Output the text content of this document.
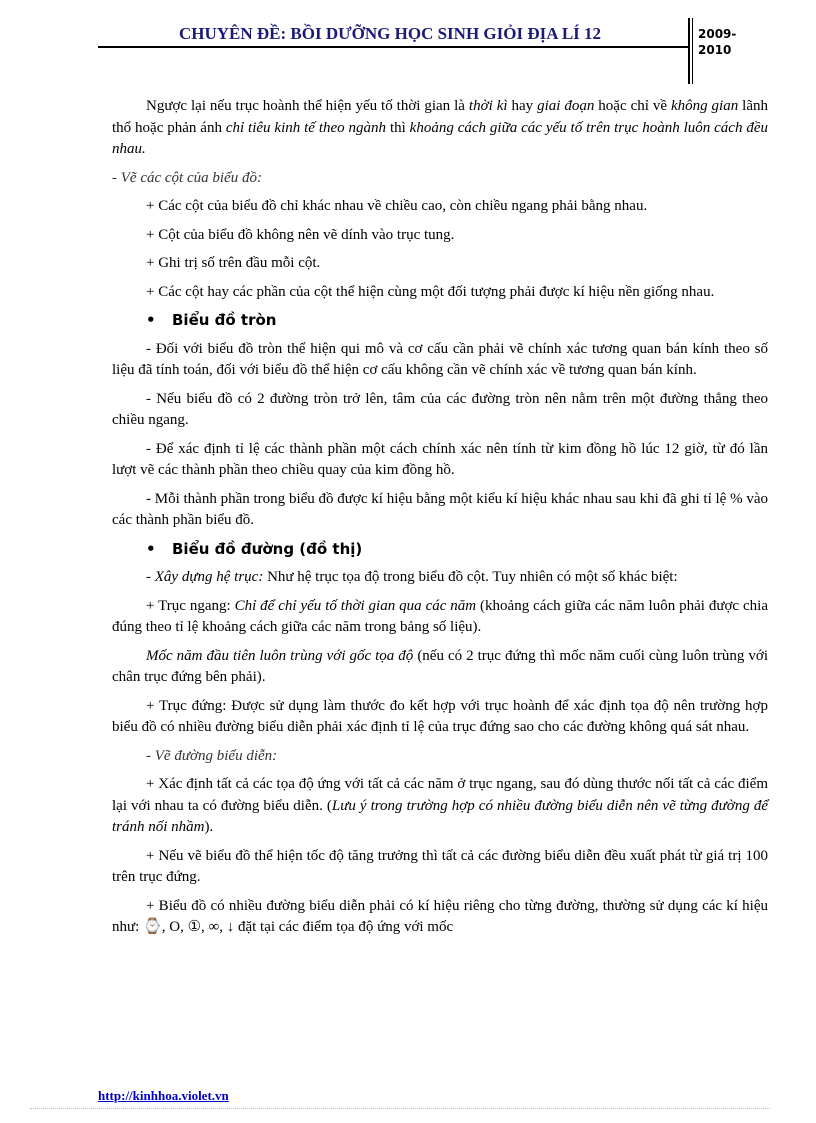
CHUYÊN ĐỀ: BỒI DƯỠNG HỌC SINH GIỎI ĐỊA LÍ 12	2009-
2010

Ngược lại nếu trục hoành thể hiện yếu tố thời gian là thời kì hay giai đoạn hoặc chỉ về không gian lãnh thổ hoặc phản ánh chỉ tiêu kinh tế theo ngành thì khoảng cách giữa các yếu tố trên trục hoành luôn cách đều nhau.

- Vẽ các cột của biểu đồ:

+ Các cột của biểu đồ chỉ khác nhau về chiều cao, còn chiều ngang phải bằng nhau.

+ Cột của biểu đồ không nên vẽ dính vào trục tung.

+ Ghi trị số trên đầu mỗi cột.

+ Các cột hay các phần của cột thể hiện cùng một đối tượng phải được kí hiệu nền giống nhau.

• Biểu đồ tròn

- Đối với biểu đồ tròn thể hiện qui mô và cơ cấu cần phải vẽ chính xác tương quan bán kính theo số liệu đã tính toán, đối với biểu đồ thể hiện cơ cấu không cần vẽ chính xác về tương quan bán kính.

- Nếu biểu đồ có 2 đường tròn trở lên, tâm của các đường tròn nên nằm trên một đường thẳng theo chiều ngang.

- Để xác định tỉ lệ các thành phần một cách chính xác nên tính từ kim đồng hồ lúc 12 giờ, từ đó lần lượt vẽ các thành phần theo chiều quay của kim đồng hồ.

- Mỗi thành phần trong biểu đồ được kí hiệu bằng một kiểu kí hiệu khác nhau sau khi đã ghi tỉ lệ % vào các thành phần biểu đồ.

• Biểu đồ đường (đồ thị)

- Xây dựng hệ trục: Như hệ trục tọa độ trong biểu đồ cột. Tuy nhiên có một số khác biệt:

+ Trục ngang: Chỉ để chỉ yếu tố thời gian qua các năm (khoảng cách giữa các năm luôn phải được chia đúng theo tỉ lệ khoảng cách giữa các năm trong bảng số liệu).

Mốc năm đầu tiên luôn trùng với gốc tọa độ (nếu có 2 trục đứng thì mốc năm cuối cùng luôn trùng với chân trục đứng bên phải).

+ Trục đứng: Được sử dụng làm thước đo kết hợp với trục hoành để xác định tọa độ nên trường hợp biểu đồ có nhiều đường biểu diễn phải xác định tỉ lệ của trục đứng sao cho các đường không quá sát nhau.

- Vẽ đường biểu diễn:

+ Xác định tất cả các tọa độ ứng với tất cả các năm ở trục ngang, sau đó dùng thước nối tất cả các điểm lại với nhau ta có đường biểu diễn. (Lưu ý trong trường hợp có nhiều đường biểu diễn nên vẽ từng đường để tránh nối nhầm).

+ Nếu vẽ biểu đồ thể hiện tốc độ tăng trưởng thì tất cả các đường biểu diễn đều xuất phát từ giá trị 100 trên trục đứng.

+ Biểu đồ có nhiều đường biểu diễn phải có kí hiệu riêng cho từng đường, thường sử dụng các kí hiệu như: ⌚, O, ①, ∞, ↓ đặt tại các điểm tọa độ ứng với mốc

http://kinhhoa.violet.vn
